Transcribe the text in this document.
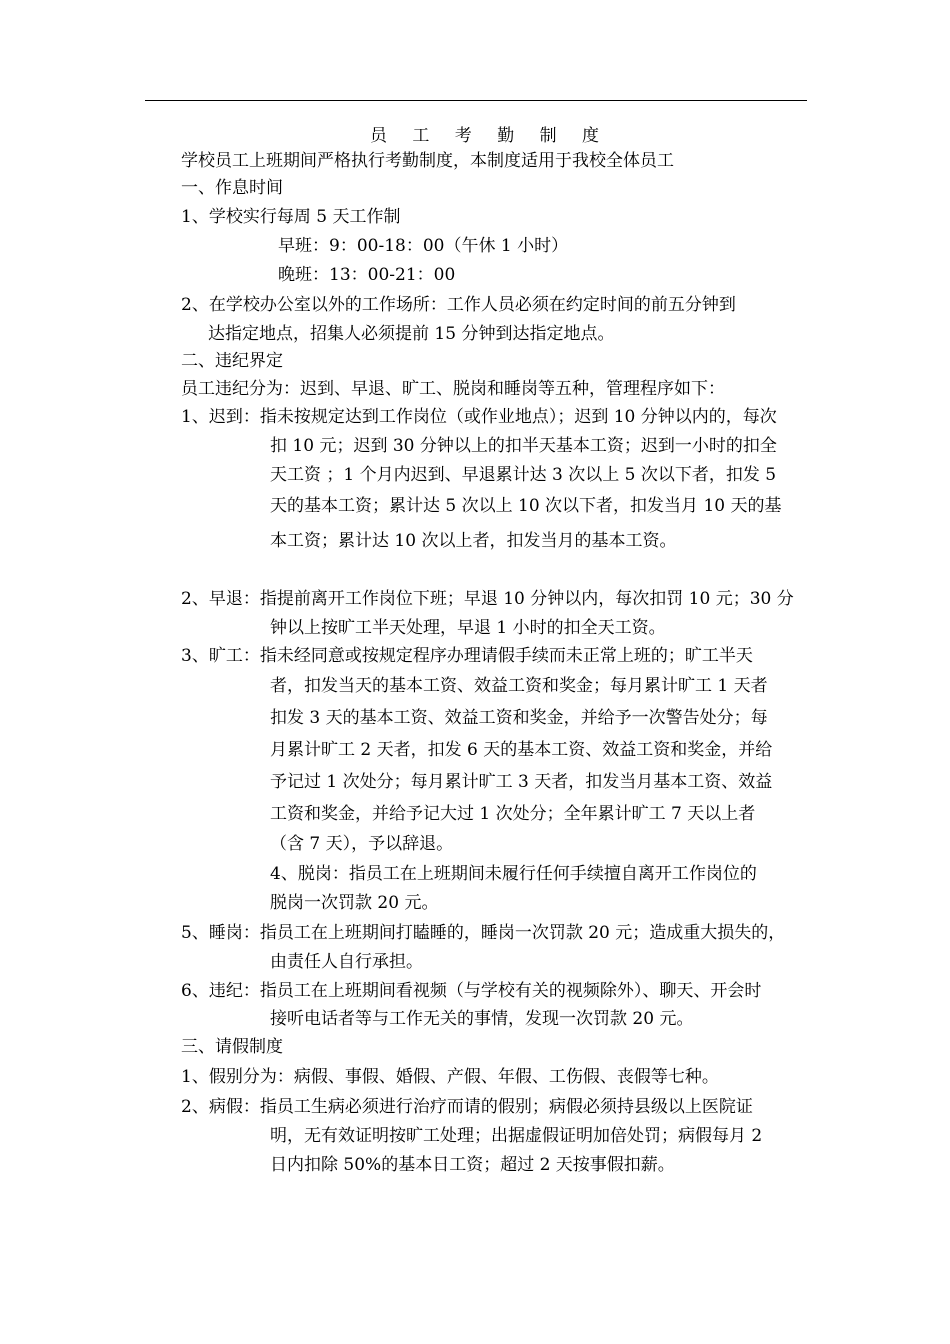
员 工 考 勤 制 度
学校员工上班期间严格执行考勤制度，本制度适用于我校全体员工
一、作息时间
1、学校实行每周 5 天工作制
早班：9：00-18：00（午休 1 小时）
晚班：13：00-21：00
2、在学校办公室以外的工作场所：工作人员必须在约定时间的前五分钟到
达指定地点，招集人必须提前 15 分钟到达指定地点。
二、违纪界定
员工违纪分为：迟到、早退、旷工、脱岗和睡岗等五种，管理程序如下：
1、迟到：指未按规定达到工作岗位（或作业地点）；迟到 10 分钟以内的，每次
扣 10 元；迟到 30 分钟以上的扣半天基本工资；迟到一小时的扣全
天工资 ；1 个月内迟到、早退累计达 3 次以上 5 次以下者，扣发 5
天的基本工资；累计达 5 次以上 10 次以下者，扣发当月 10 天的基
本工资；累计达 10 次以上者，扣发当月的基本工资。
2、早退：指提前离开工作岗位下班；早退 10 分钟以内，每次扣罚 10 元；30 分
钟以上按旷工半天处理，早退 1 小时的扣全天工资。
3、旷工：指未经同意或按规定程序办理请假手续而未正常上班的；旷工半天
者，扣发当天的基本工资、效益工资和奖金；每月累计旷工 1 天者
扣发 3 天的基本工资、效益工资和奖金，并给予一次警告处分；每
月累计旷工 2 天者，扣发 6 天的基本工资、效益工资和奖金，并给
予记过 1 次处分；每月累计旷工 3 天者，扣发当月基本工资、效益
工资和奖金，并给予记大过 1 次处分；全年累计旷工 7 天以上者
（含 7 天），予以辞退。
4、脱岗：指员工在上班期间未履行任何手续擅自离开工作岗位的
脱岗一次罚款 20 元。
5、睡岗：指员工在上班期间打瞌睡的，睡岗一次罚款 20 元；造成重大损失的，
由责任人自行承担。
6、违纪：指员工在上班期间看视频（与学校有关的视频除外）、聊天、开会时
接听电话者等与工作无关的事情，发现一次罚款 20 元。
三、请假制度
1、假别分为：病假、事假、婚假、产假、年假、工伤假、丧假等七种。
2、病假：指员工生病必须进行治疗而请的假别；病假必须持县级以上医院证
明，无有效证明按旷工处理；出据虚假证明加倍处罚；病假每月 2
日内扣除 50%的基本日工资；超过 2 天按事假扣薪。
